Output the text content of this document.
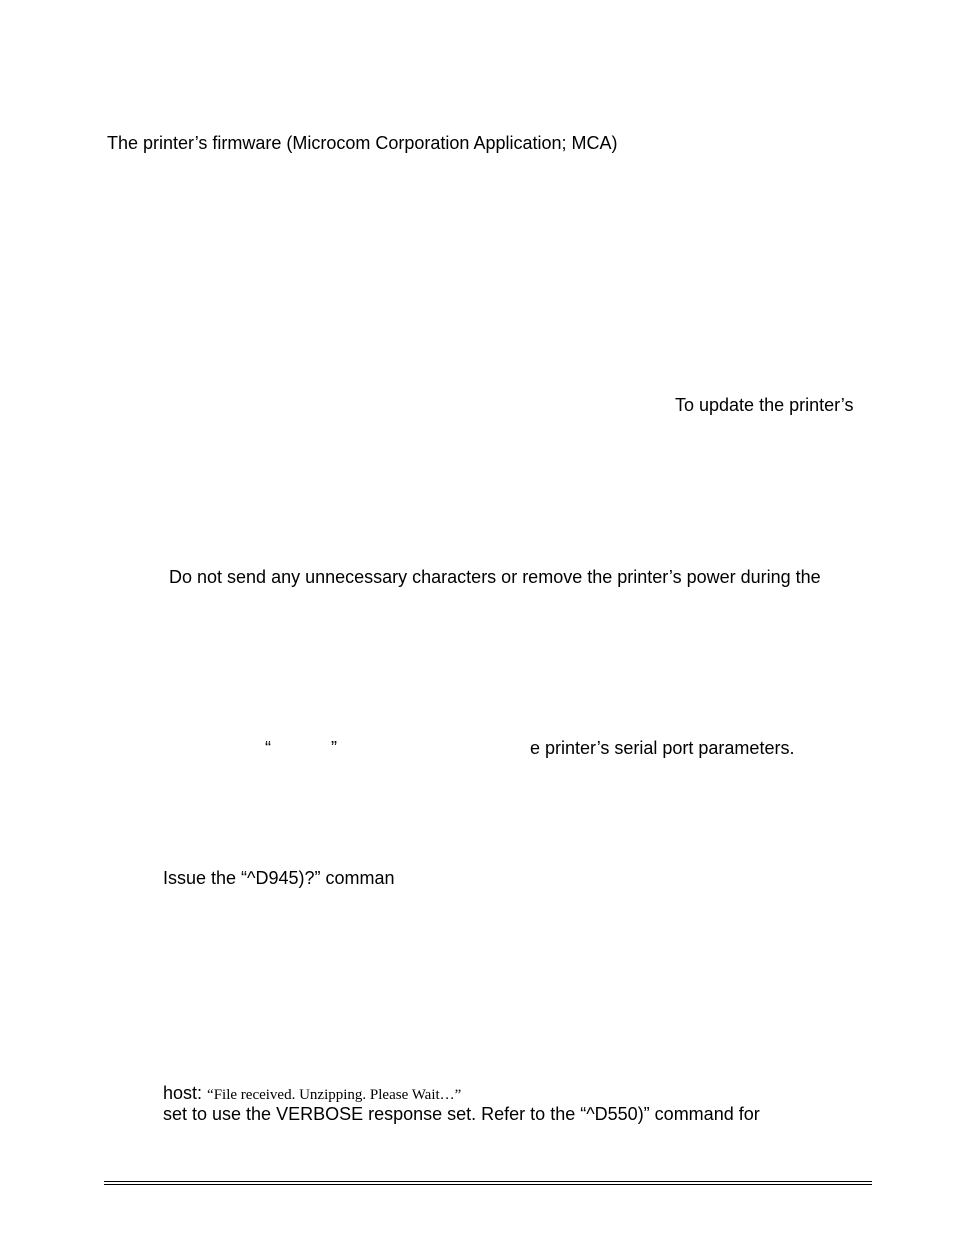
The printer’s firmware (Microcom Corporation Application; MCA)
To update the printer’s
Do not send any unnecessary characters or remove the printer’s power during the
“	”	e printer’s serial port parameters.
Issue the “^D945)?” comman
host: “File received. Unzipping. Please Wait…”
set to use the VERBOSE response set. Refer to the “^D550)” command for
